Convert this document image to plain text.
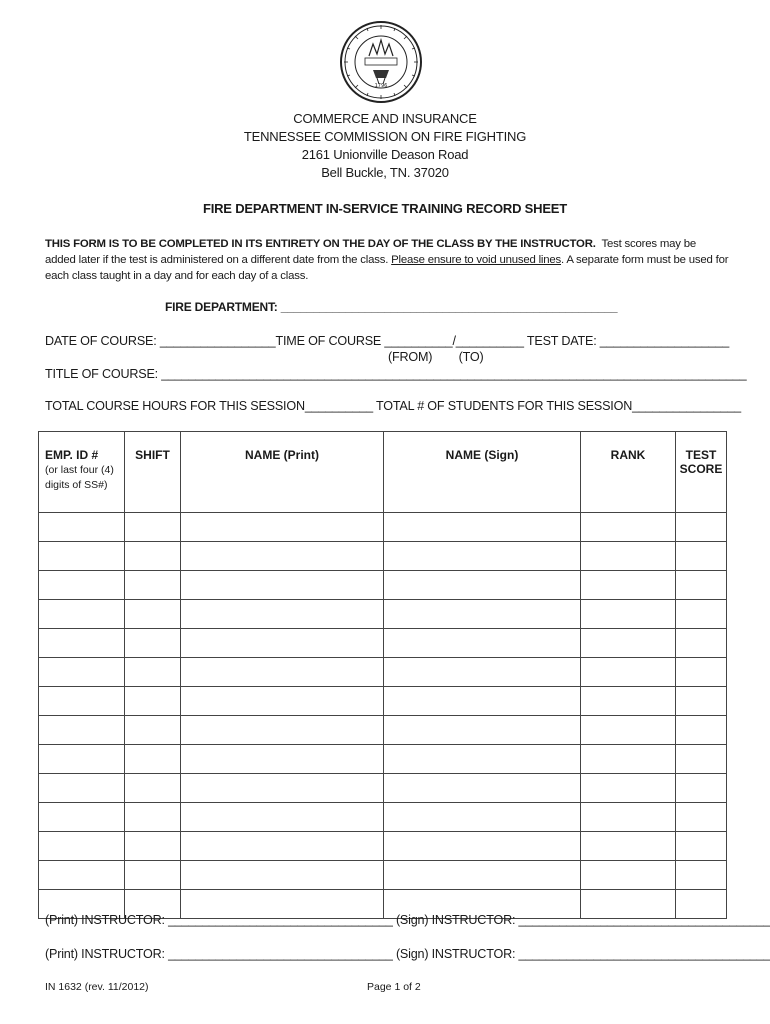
1796
COMMERCE AND INSURANCE
TENNESSEE COMMISSION ON FIRE FIGHTING
2161 Unionville Deason Road
Bell Buckle, TN. 37020
FIRE DEPARTMENT IN-SERVICE TRAINING RECORD SHEET
THIS FORM IS TO BE COMPLETED IN ITS ENTIRETY ON THE DAY OF THE CLASS BY THE INSTRUCTOR. Test scores may be added later if the test is administered on a different date from the class. Please ensure to void unused lines. A separate form must be used for each class taught in a day and for each day of a class.
FIRE DEPARTMENT: ____________________________________________________
DATE OF COURSE: _________________TIME OF COURSE __________/__________ TEST DATE: ___________________
(FROM)        (TO)
TITLE OF COURSE: ______________________________________________________________________________________
TOTAL COURSE HOURS FOR THIS SESSION__________ TOTAL # OF STUDENTS FOR THIS SESSION________________
EMP. ID #
(or last four (4) digits of SS#)	SHIFT	NAME (Print)	NAME (Sign)	RANK	TEST
SCORE

(Print) INSTRUCTOR: _________________________________ (Sign) INSTRUCTOR: _____________________________________
(Print) INSTRUCTOR: _________________________________ (Sign) INSTRUCTOR: _____________________________________
IN 1632 (rev. 11/2012)	Page 1 of 2
